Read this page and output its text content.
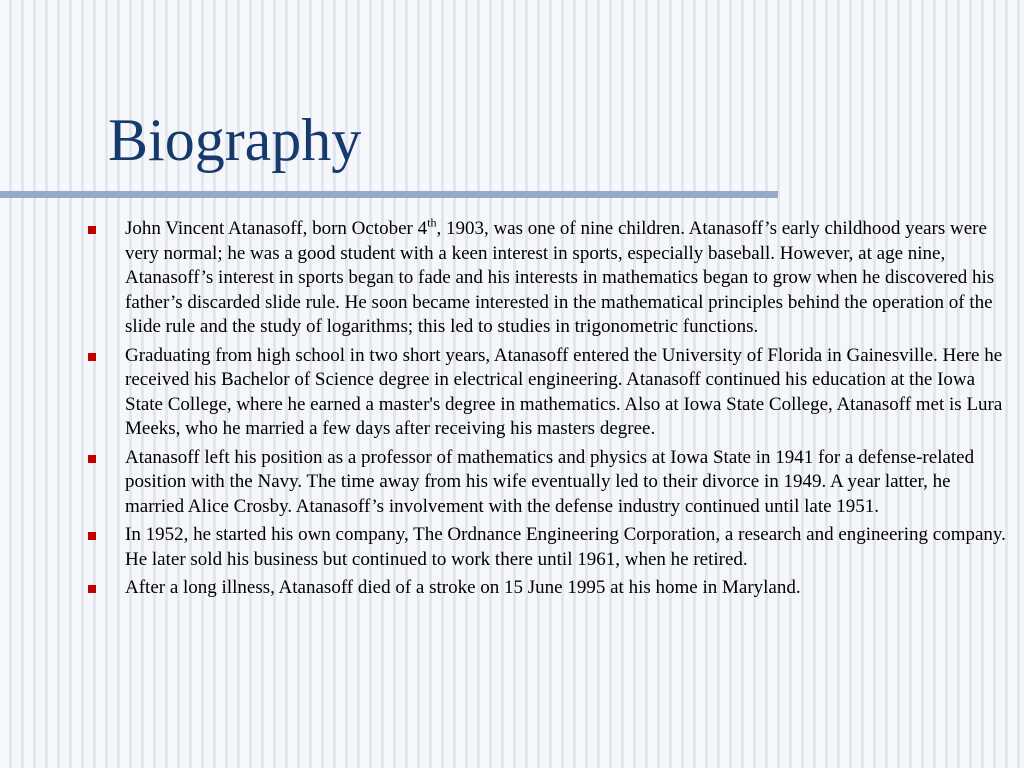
Biography
John Vincent Atanasoff, born October 4th, 1903, was one of nine children. Atanasoff’s early childhood years were very normal; he was a good student with a keen interest in sports, especially baseball. However, at age nine, Atanasoff’s interest in sports began to fade and his interests in mathematics began to grow when he discovered his father’s discarded slide rule. He soon became interested in the mathematical principles behind the operation of the slide rule and the study of logarithms; this led to studies in trigonometric functions.
Graduating from high school in two short years, Atanasoff entered the University of Florida in Gainesville. Here he received his Bachelor of Science degree in electrical engineering. Atanasoff continued his education at the Iowa State College, where he earned a master's degree in mathematics. Also at Iowa State College, Atanasoff met is Lura Meeks, who he married a few days after receiving his masters degree.
Atanasoff left his position as a professor of mathematics and physics at Iowa State in 1941 for a defense-related position with the Navy. The time away from his wife eventually led to their divorce in 1949. A year latter, he married Alice Crosby. Atanasoff’s involvement with the defense industry continued until late 1951.
In 1952, he started his own company, The Ordnance Engineering Corporation, a research and engineering company. He later sold his business but continued to work there until 1961, when he retired.
After a long illness, Atanasoff died of a stroke on 15 June 1995 at his home in Maryland.
